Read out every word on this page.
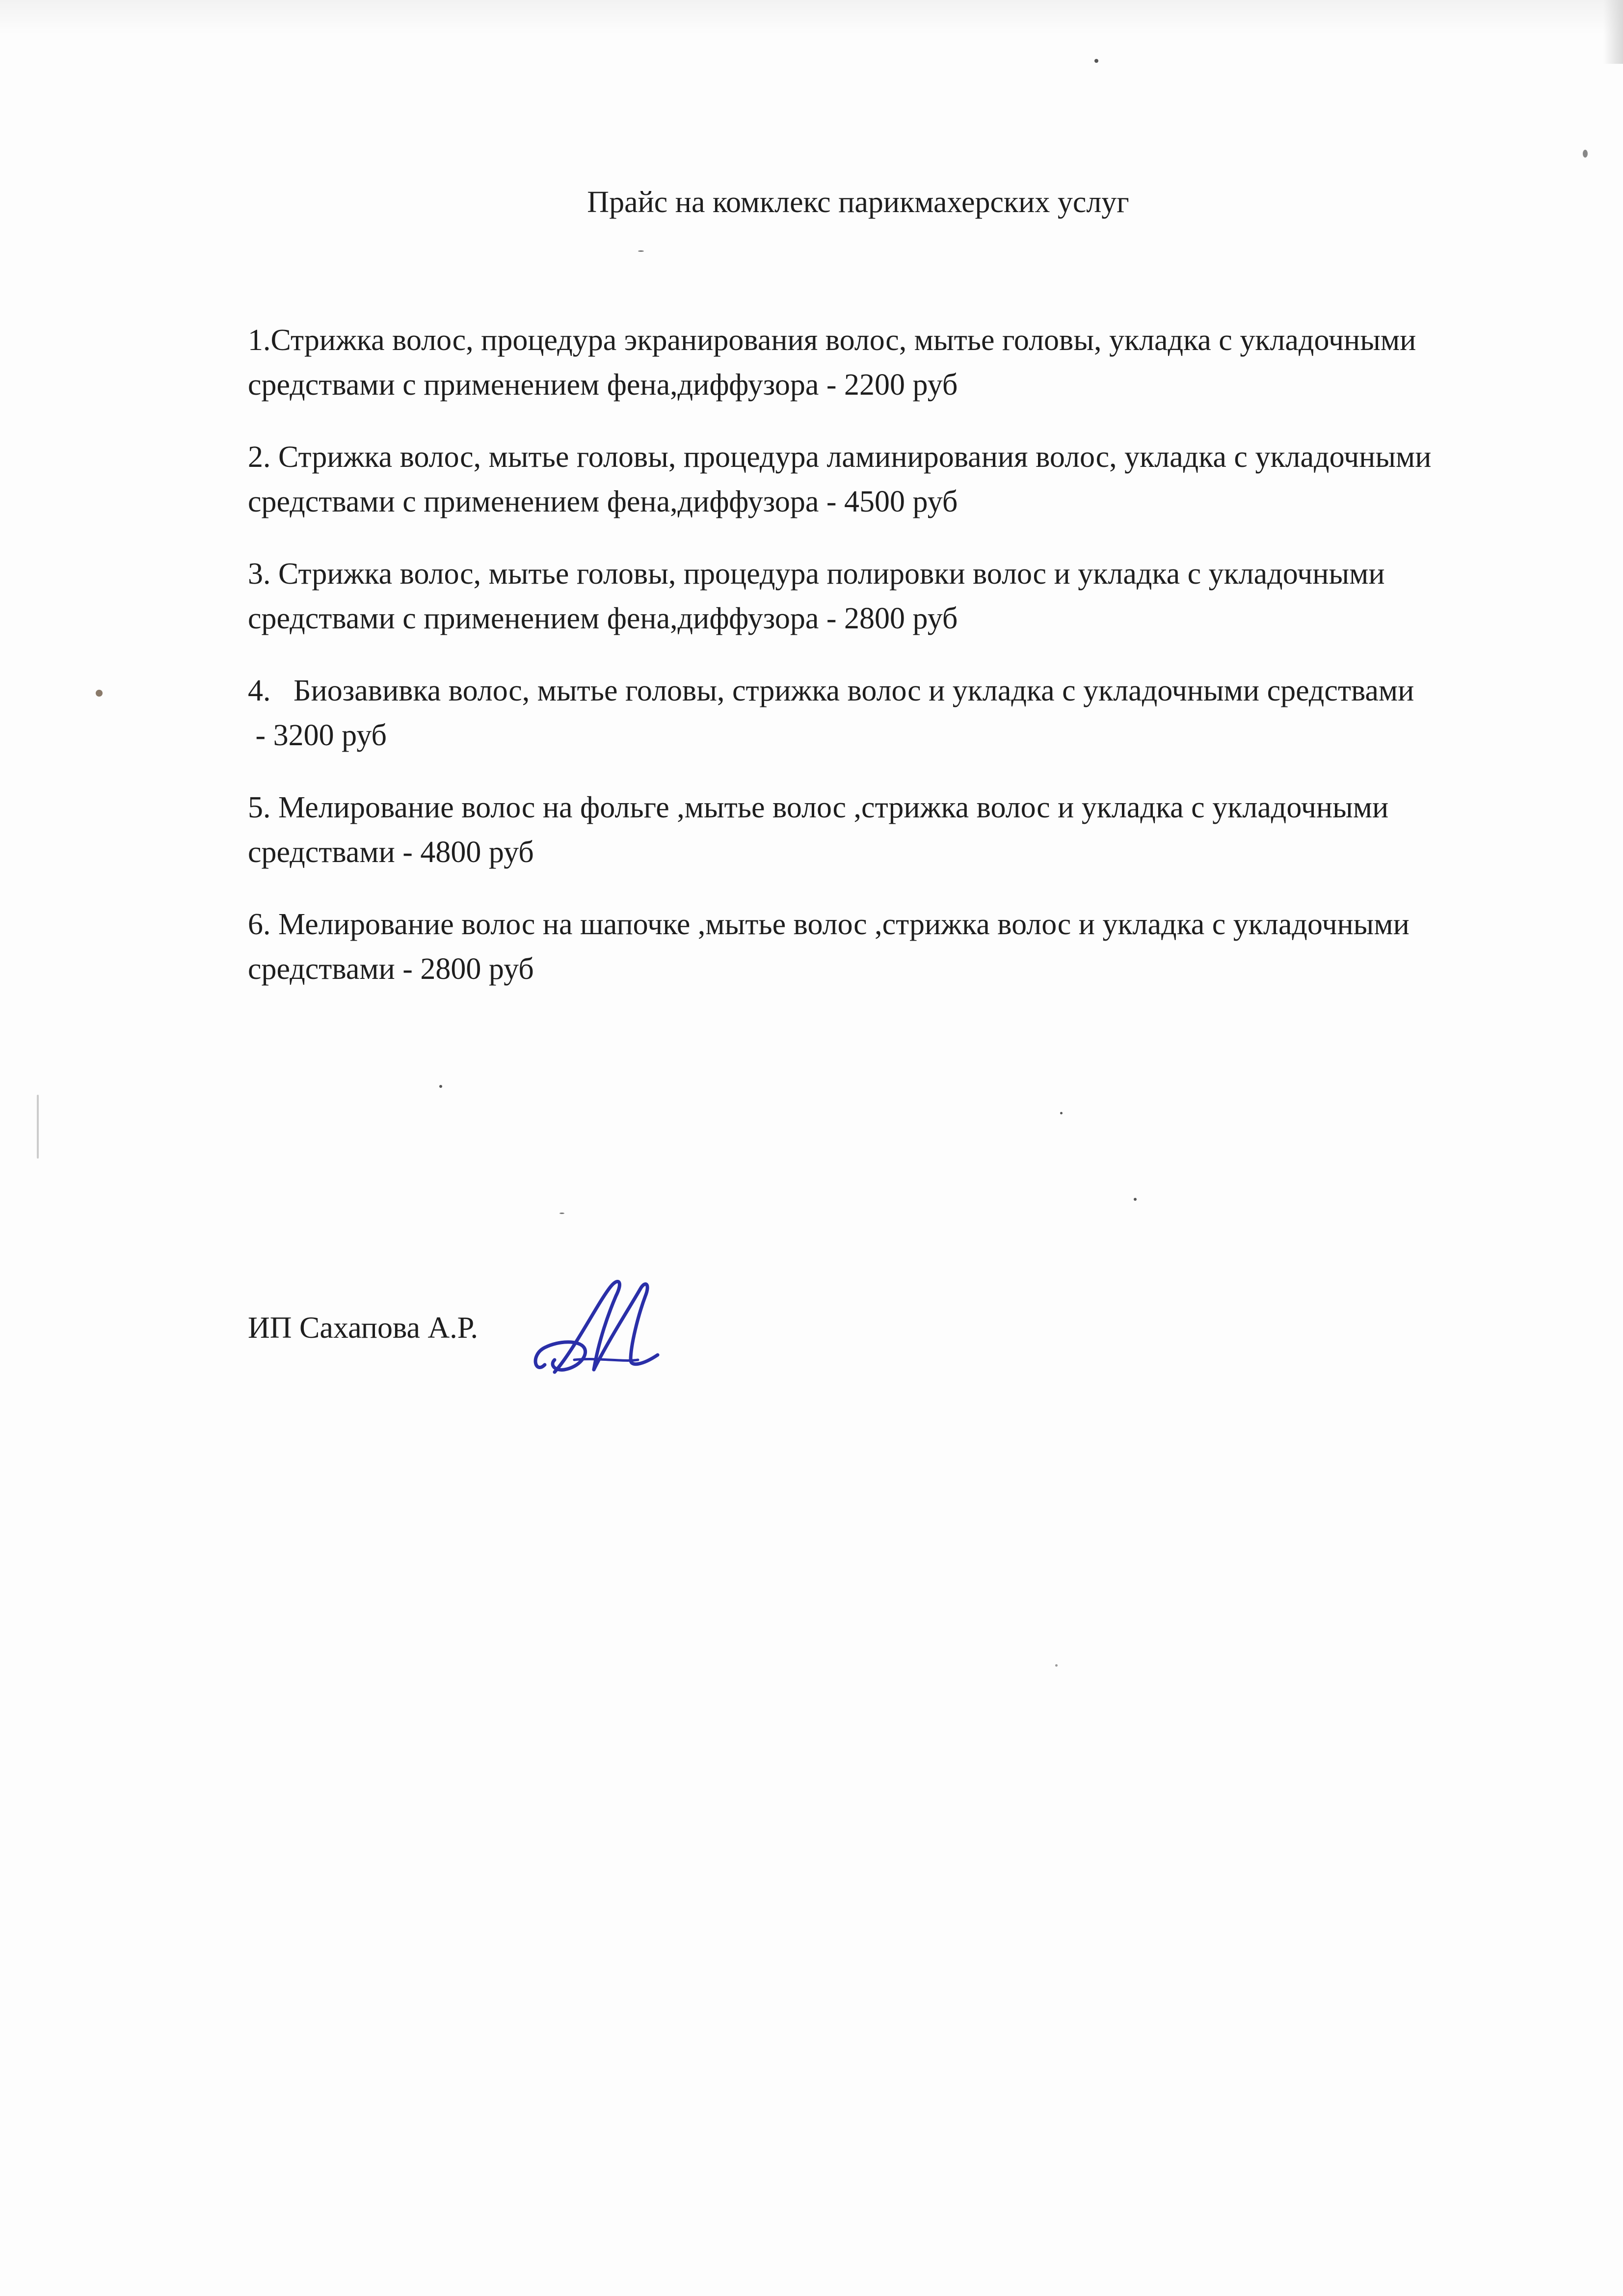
Прайс на комклекс парикмахерских услуг
1.Стрижка волос, процедура экранирования волос, мытье головы, укладка с укладочными
средствами с применением фена,диффузора - 2200 руб
2. Стрижка волос, мытье головы, процедура ламинирования волос, укладка с укладочными
средствами с применением фена,диффузора - 4500 руб
3. Стрижка волос, мытье головы, процедура полировки волос и укладка с укладочными
средствами с применением фена,диффузора - 2800 руб
4.   Биозавивка волос, мытье головы, стрижка волос и укладка с укладочными средствами
- 3200 руб
5. Мелирование волос на фольге ,мытье волос ,стрижка волос и укладка с укладочными
средствами - 4800 руб
6. Мелирование волос на шапочке ,мытье волос ,стрижка волос и укладка с укладочными
средствами - 2800 руб
ИП Сахапова А.Р.
